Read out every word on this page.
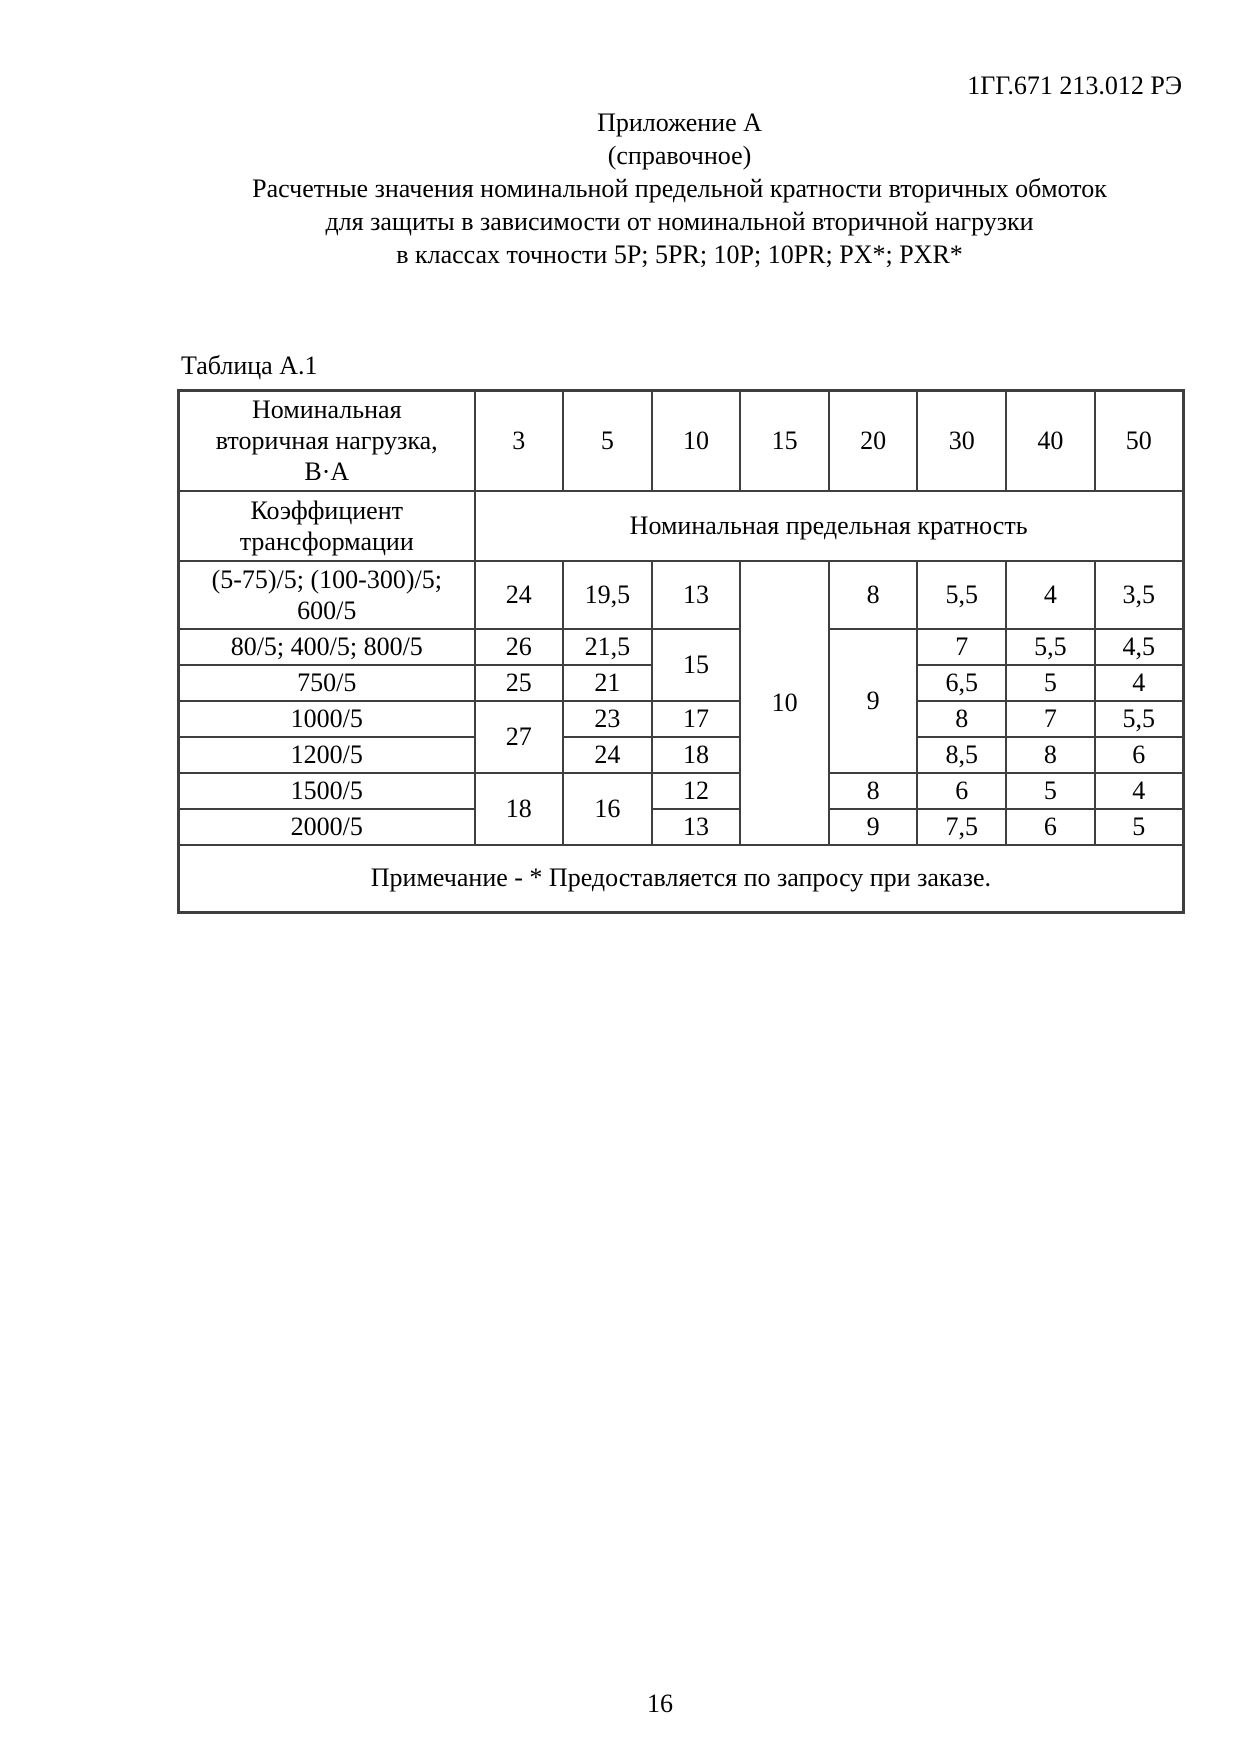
1ГГ.671 213.012 РЭ
Приложение А
(справочное)
Расчетные значения номинальной предельной кратности вторичных обмоток
для защиты в зависимости от номинальной вторичной нагрузки
в классах точности 5P; 5PR; 10P; 10PR; PX*; PXR*
Таблица А.1
Номинальная
вторичная нагрузка,
В·А	3	5	10	15	20	30	40	50

Коэффициент
трансформации	Номинальная предельная кратность							

(5-75)/5; (100-300)/5;
600/5	24	19,5	13	10	8	5,5	4	3,5
80/5; 400/5; 800/5	26	21,5	15		9	7	5,5	4,5
750/5	25	21				6,5	5	4
1000/5	27	23	17			8	7	5,5
1200/5		24	18			8,5	8	6
1500/5	18	16	12		8	6	5	4
2000/5			13		9	7,5	6	5
Примечание - * Предоставляется по запросу при заказе.								
16
